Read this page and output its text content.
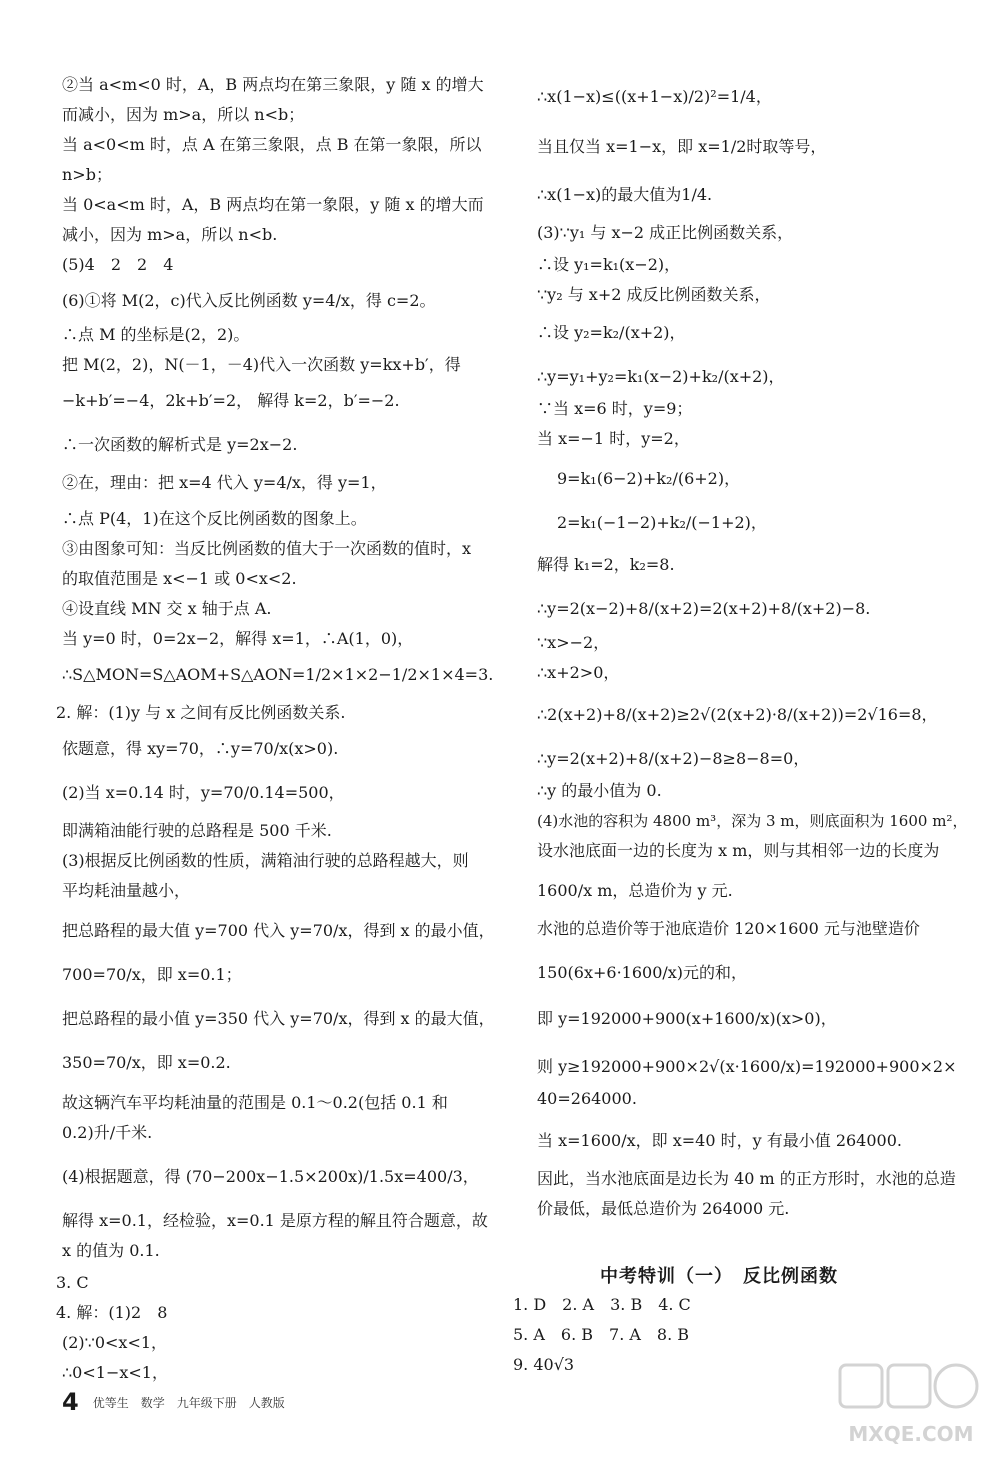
②当 a<m<0 时，A，B 两点均在第三象限，y 随 x 的增大
而减小，因为 m>a，所以 n<b；
当 a<0<m 时，点 A 在第三象限，点 B 在第一象限，所以
n>b；
当 0<a<m 时，A，B 两点均在第一象限，y 随 x 的增大而
减小，因为 m>a，所以 n<b.
(5)4　2　2　4
(6)①将 M(2，c)代入反比例函数 y=4/x，得 c=2。
∴点 M 的坐标是(2，2)。
把 M(2，2)，N(－1，－4)代入一次函数 y=kx+b′，得
−k+b′=−4，2k+b′=2， 解得 k=2，b′=−2.
∴一次函数的解析式是 y=2x−2.
②在，理由：把 x=4 代入 y=4/x，得 y=1，
∴点 P(4，1)在这个反比例函数的图象上。
③由图象可知：当反比例函数的值大于一次函数的值时，x
的取值范围是 x<−1 或 0<x<2.
④设直线 MN 交 x 轴于点 A.
当 y=0 时，0=2x−2，解得 x=1，∴A(1，0)，
∴S△MON=S△AOM+S△AON=1/2×1×2−1/2×1×4=3.
2. 解：(1)y 与 x 之间有反比例函数关系.
依题意，得 xy=70，∴y=70/x(x>0).
(2)当 x=0.14 时，y=70/0.14=500，
即满箱油能行驶的总路程是 500 千米.
(3)根据反比例函数的性质，满箱油行驶的总路程越大，则
平均耗油量越小，
把总路程的最大值 y=700 代入 y=70/x，得到 x 的最小值，
700=70/x，即 x=0.1；
把总路程的最小值 y=350 代入 y=70/x，得到 x 的最大值，
350=70/x，即 x=0.2.
故这辆汽车平均耗油量的范围是 0.1～0.2(包括 0.1 和
0.2)升/千米.
(4)根据题意，得 (70−200x−1.5×200x)/1.5x=400/3，
解得 x=0.1，经检验，x=0.1 是原方程的解且符合题意，故
x 的值为 0.1.
3. C
4. 解：(1)2　8
(2)∵0<x<1，
∴0<1−x<1，
∴x(1−x)≤((x+1−x)/2)²=1/4，
当且仅当 x=1−x，即 x=1/2时取等号，
∴x(1−x)的最大值为1/4.
(3)∵y₁ 与 x−2 成正比例函数关系，
∴设 y₁=k₁(x−2)，
∵y₂ 与 x+2 成反比例函数关系，
∴设 y₂=k₂/(x+2)，
∴y=y₁+y₂=k₁(x−2)+k₂/(x+2)，
∵当 x=6 时，y=9；
当 x=−1 时，y=2，
9=k₁(6−2)+k₂/(6+2)，
2=k₁(−1−2)+k₂/(−1+2)，
解得 k₁=2，k₂=8.
∴y=2(x−2)+8/(x+2)=2(x+2)+8/(x+2)−8.
∵x>−2，
∴x+2>0，
∴2(x+2)+8/(x+2)≥2√(2(x+2)·8/(x+2))=2√16=8，
∴y=2(x+2)+8/(x+2)−8≥8−8=0，
∴y 的最小值为 0.
(4)水池的容积为 4800 m³，深为 3 m，则底面积为 1600 m²，
设水池底面一边的长度为 x m，则与其相邻一边的长度为
1600/x m，总造价为 y 元.
水池的总造价等于池底造价 120×1600 元与池壁造价
150(6x+6·1600/x)元的和，
即 y=192000+900(x+1600/x)(x>0)，
则 y≥192000+900×2√(x·1600/x)=192000+900×2×
40=264000.
当 x=1600/x，即 x=40 时，y 有最小值 264000.
因此，当水池底面是边长为 40 m 的正方形时，水池的总造
价最低，最低总造价为 264000 元.
1. D　2. A　3. B　4. C
5. A　6. B　7. A　8. B
9. 40√3
中考特训（一）　反比例函数
4 优等生　数学　九年级下册　人教版
MXQE.COM
